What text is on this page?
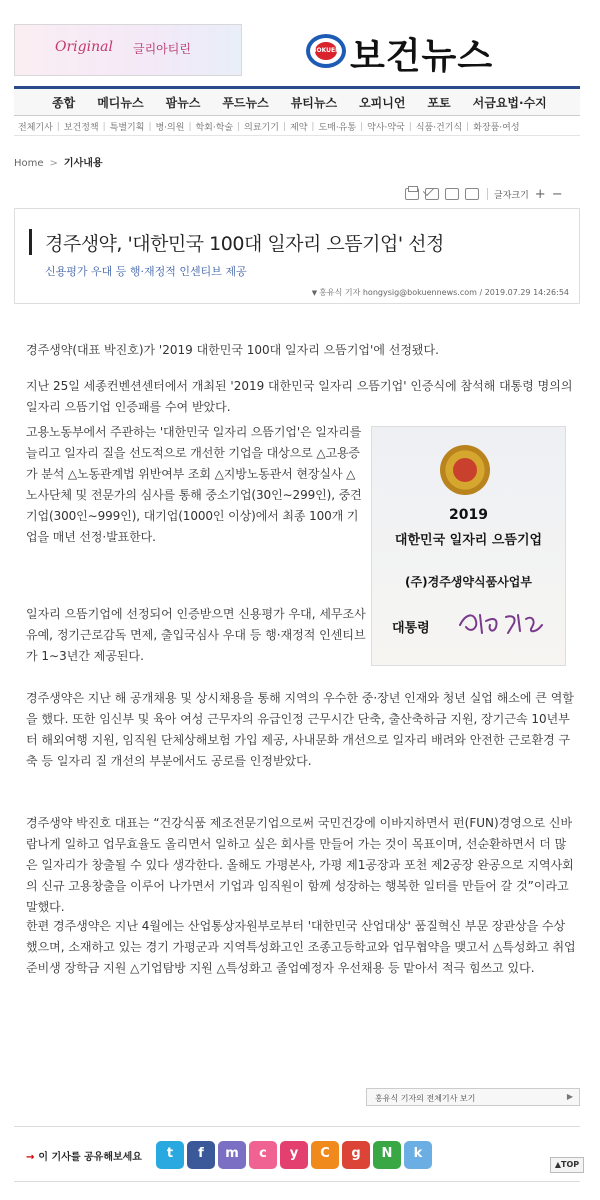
Original 글리아티린	BOKUEN 보건뉴스
종합 메디뉴스 팜뉴스 푸드뉴스 뷰티뉴스 오피니언 포토 서금요법·수지
전체기사 | 보건정책 | 특별기획 | 병·의원 | 학회·학술 | 의료기기 | 제약 | 도매·유통 | 약사·약국 | 식품·건기식 | 화장품·여성
Home > 기사내용
글자크기 + −
경주생약, '대한민국 100대 일자리 으뜸기업' 선정
신용평가 우대 등 행·재정적 인센티브 제공
▼ 홍유식 기자 hongysig@bokuennews.com / 2019.07.29 14:26:54
경주생약(대표 박진호)가 '2019 대한민국 100대 일자리 으뜸기업'에 선정됐다.
지난 25일 세종컨벤션센터에서 개최된 '2019 대한민국 일자리 으뜸기업' 인증식에 참석해 대통령 명의의 일자리 으뜸기업 인증패를 수여 받았다.
고용노동부에서 주관하는 '대한민국 일자리 으뜸기업'은 일자리를 늘리고 일자리 질을 선도적으로 개선한 기업을 대상으로 △고용증가 분석 △노동관계법 위반여부 조회 △지방노동관서 현장실사 △노사단체 및 전문가의 심사를 통해 중소기업(30인∼299인), 중견기업(300인∼999인), 대기업(1000인 이상)에서 최종 100개 기업을 매년 선정·발표한다.
2019
대한민국 일자리 으뜸기업
(주)경주생약식품사업부
대통령
일자리 으뜸기업에 선정되어 인증받으면 신용평가 우대, 세무조사 유예, 정기근로감독 면제, 출입국심사 우대 등 행·재정적 인센티브가 1∼3년간 제공된다.
경주생약은 지난 해 공개채용 및 상시채용을 통해 지역의 우수한 중·장년 인재와 청년 실업 해소에 큰 역할을 했다. 또한 임신부 및 육아 여성 근무자의 유급인정 근무시간 단축, 출산축하금 지원, 장기근속 10년부터 해외여행 지원, 임직원 단체상해보험 가입 제공, 사내문화 개선으로 일자리 배려와 안전한 근로환경 구축 등 일자리 질 개선의 부분에서도 공로를 인정받았다.
경주생약 박진호 대표는 “건강식품 제조전문기업으로써 국민건강에 이바지하면서 펀(FUN)경영으로 신바람나게 일하고 업무효율도 올리면서 일하고 싶은 회사를 만들어 가는 것이 목표이며, 선순환하면서 더 많은 일자리가 창출될 수 있다 생각한다. 올해도 가평본사, 가평 제1공장과 포천 제2공장 완공으로 지역사회의 신규 고용창출을 이루어 나가면서 기업과 임직원이 함께 성장하는 행복한 일터를 만들어 갈 것”이라고 말했다.
한편 경주생약은 지난 4월에는 산업통상자원부로부터 '대한민국 산업대상' 품질혁신 부문 장관상을 수상했으며, 소재하고 있는 경기 가평군과 지역특성화고인 조종고등학교와 업무협약을 맺고서 △특성화고 취업준비생 장학금 지원 △기업탐방 지원 △특성화고 졸업예정자 우선채용 등 맡아서 적극 힘쓰고 있다.
홍유식 기자의 전체기사 보기	▶
→ 이 기사를 공유해보세요	t	f	m	c	y	C	g	N	k
▲TOP
